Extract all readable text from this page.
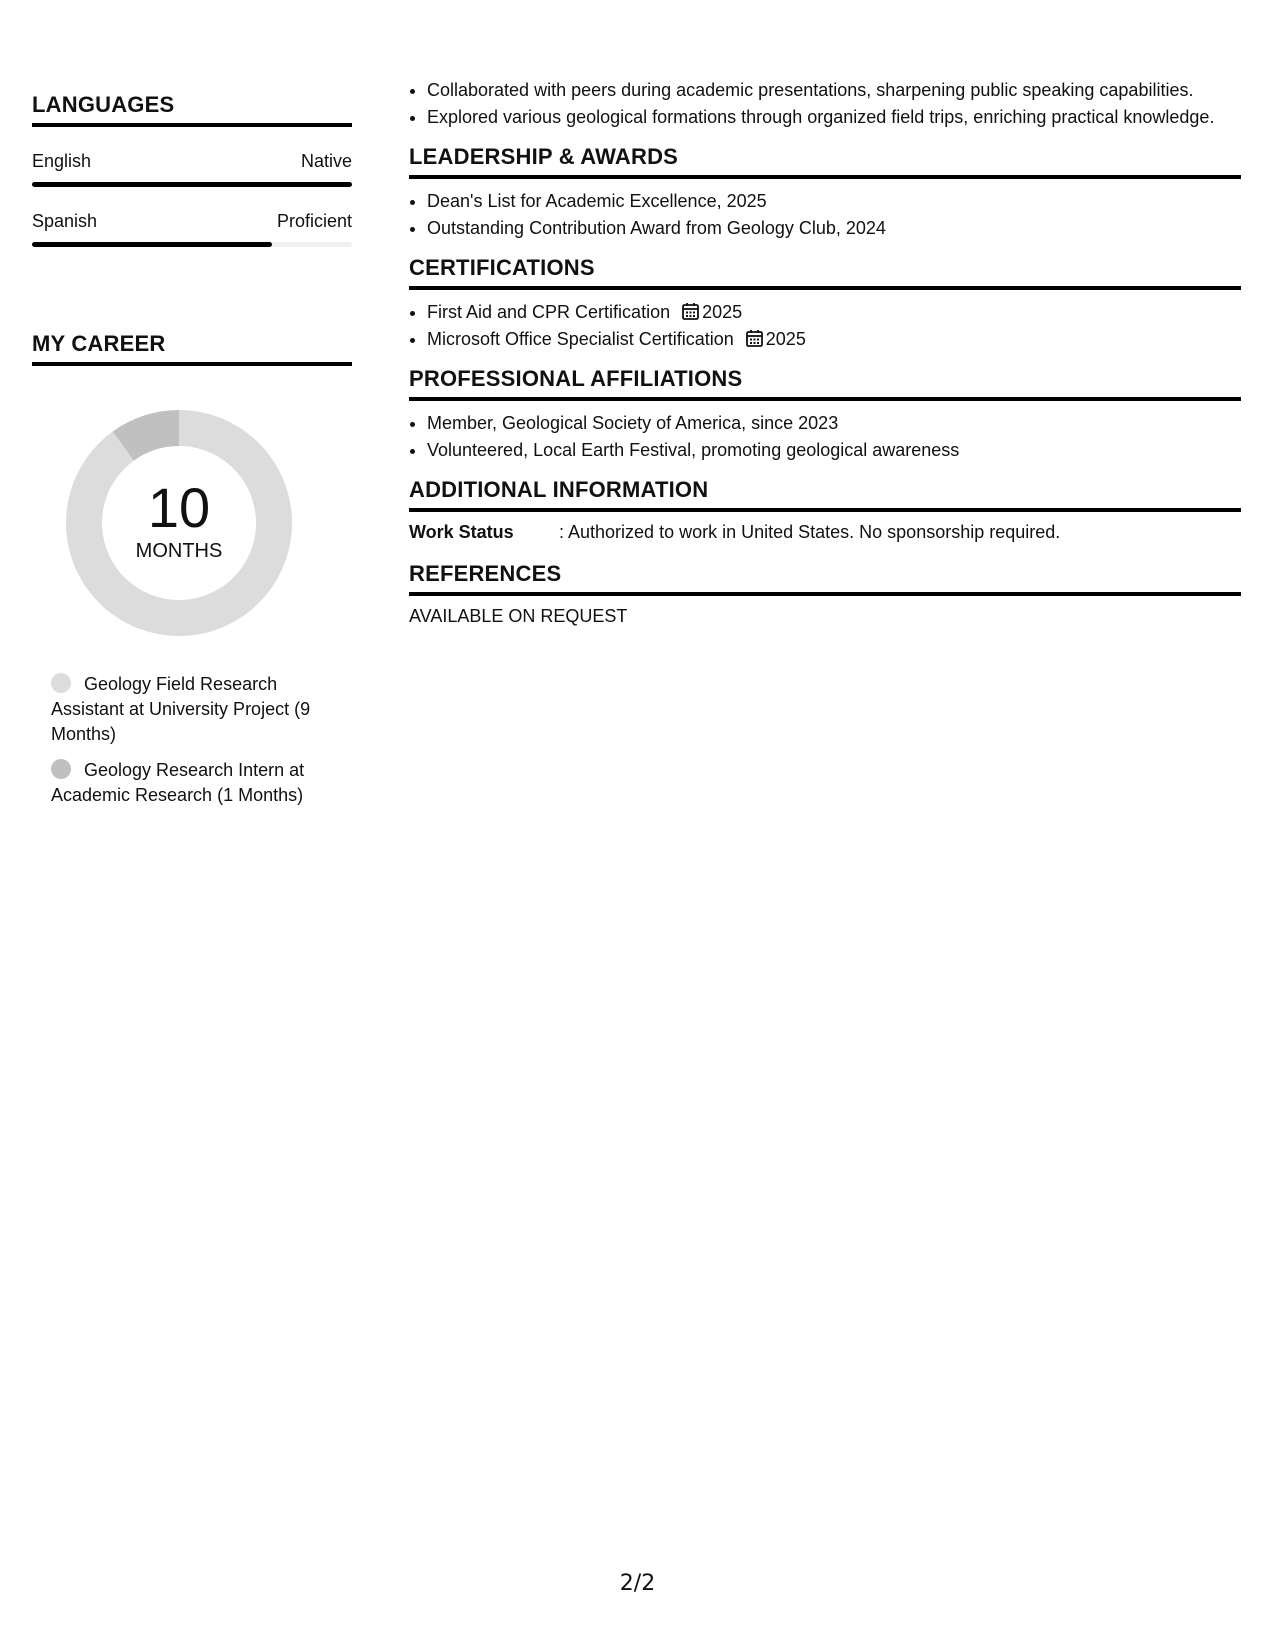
LANGUAGES
English	Native
Spanish	Proficient
MY CAREER
10
MONTHS
Geology Field Research Assistant at University Project (9 Months)
Geology Research Intern at Academic Research (1 Months)
• Collaborated with peers during academic presentations, sharpening public speaking capabilities.
• Explored various geological formations through organized field trips, enriching practical knowledge.
LEADERSHIP & AWARDS
• Dean's List for Academic Excellence, 2025
• Outstanding Contribution Award from Geology Club, 2024
CERTIFICATIONS
• First Aid and CPR Certification 2025
• Microsoft Office Specialist Certification 2025
PROFESSIONAL AFFILIATIONS
• Member, Geological Society of America, since 2023
• Volunteered, Local Earth Festival, promoting geological awareness
ADDITIONAL INFORMATION
Work Status	: Authorized to work in United States. No sponsorship required.
REFERENCES
AVAILABLE ON REQUEST
2/2
